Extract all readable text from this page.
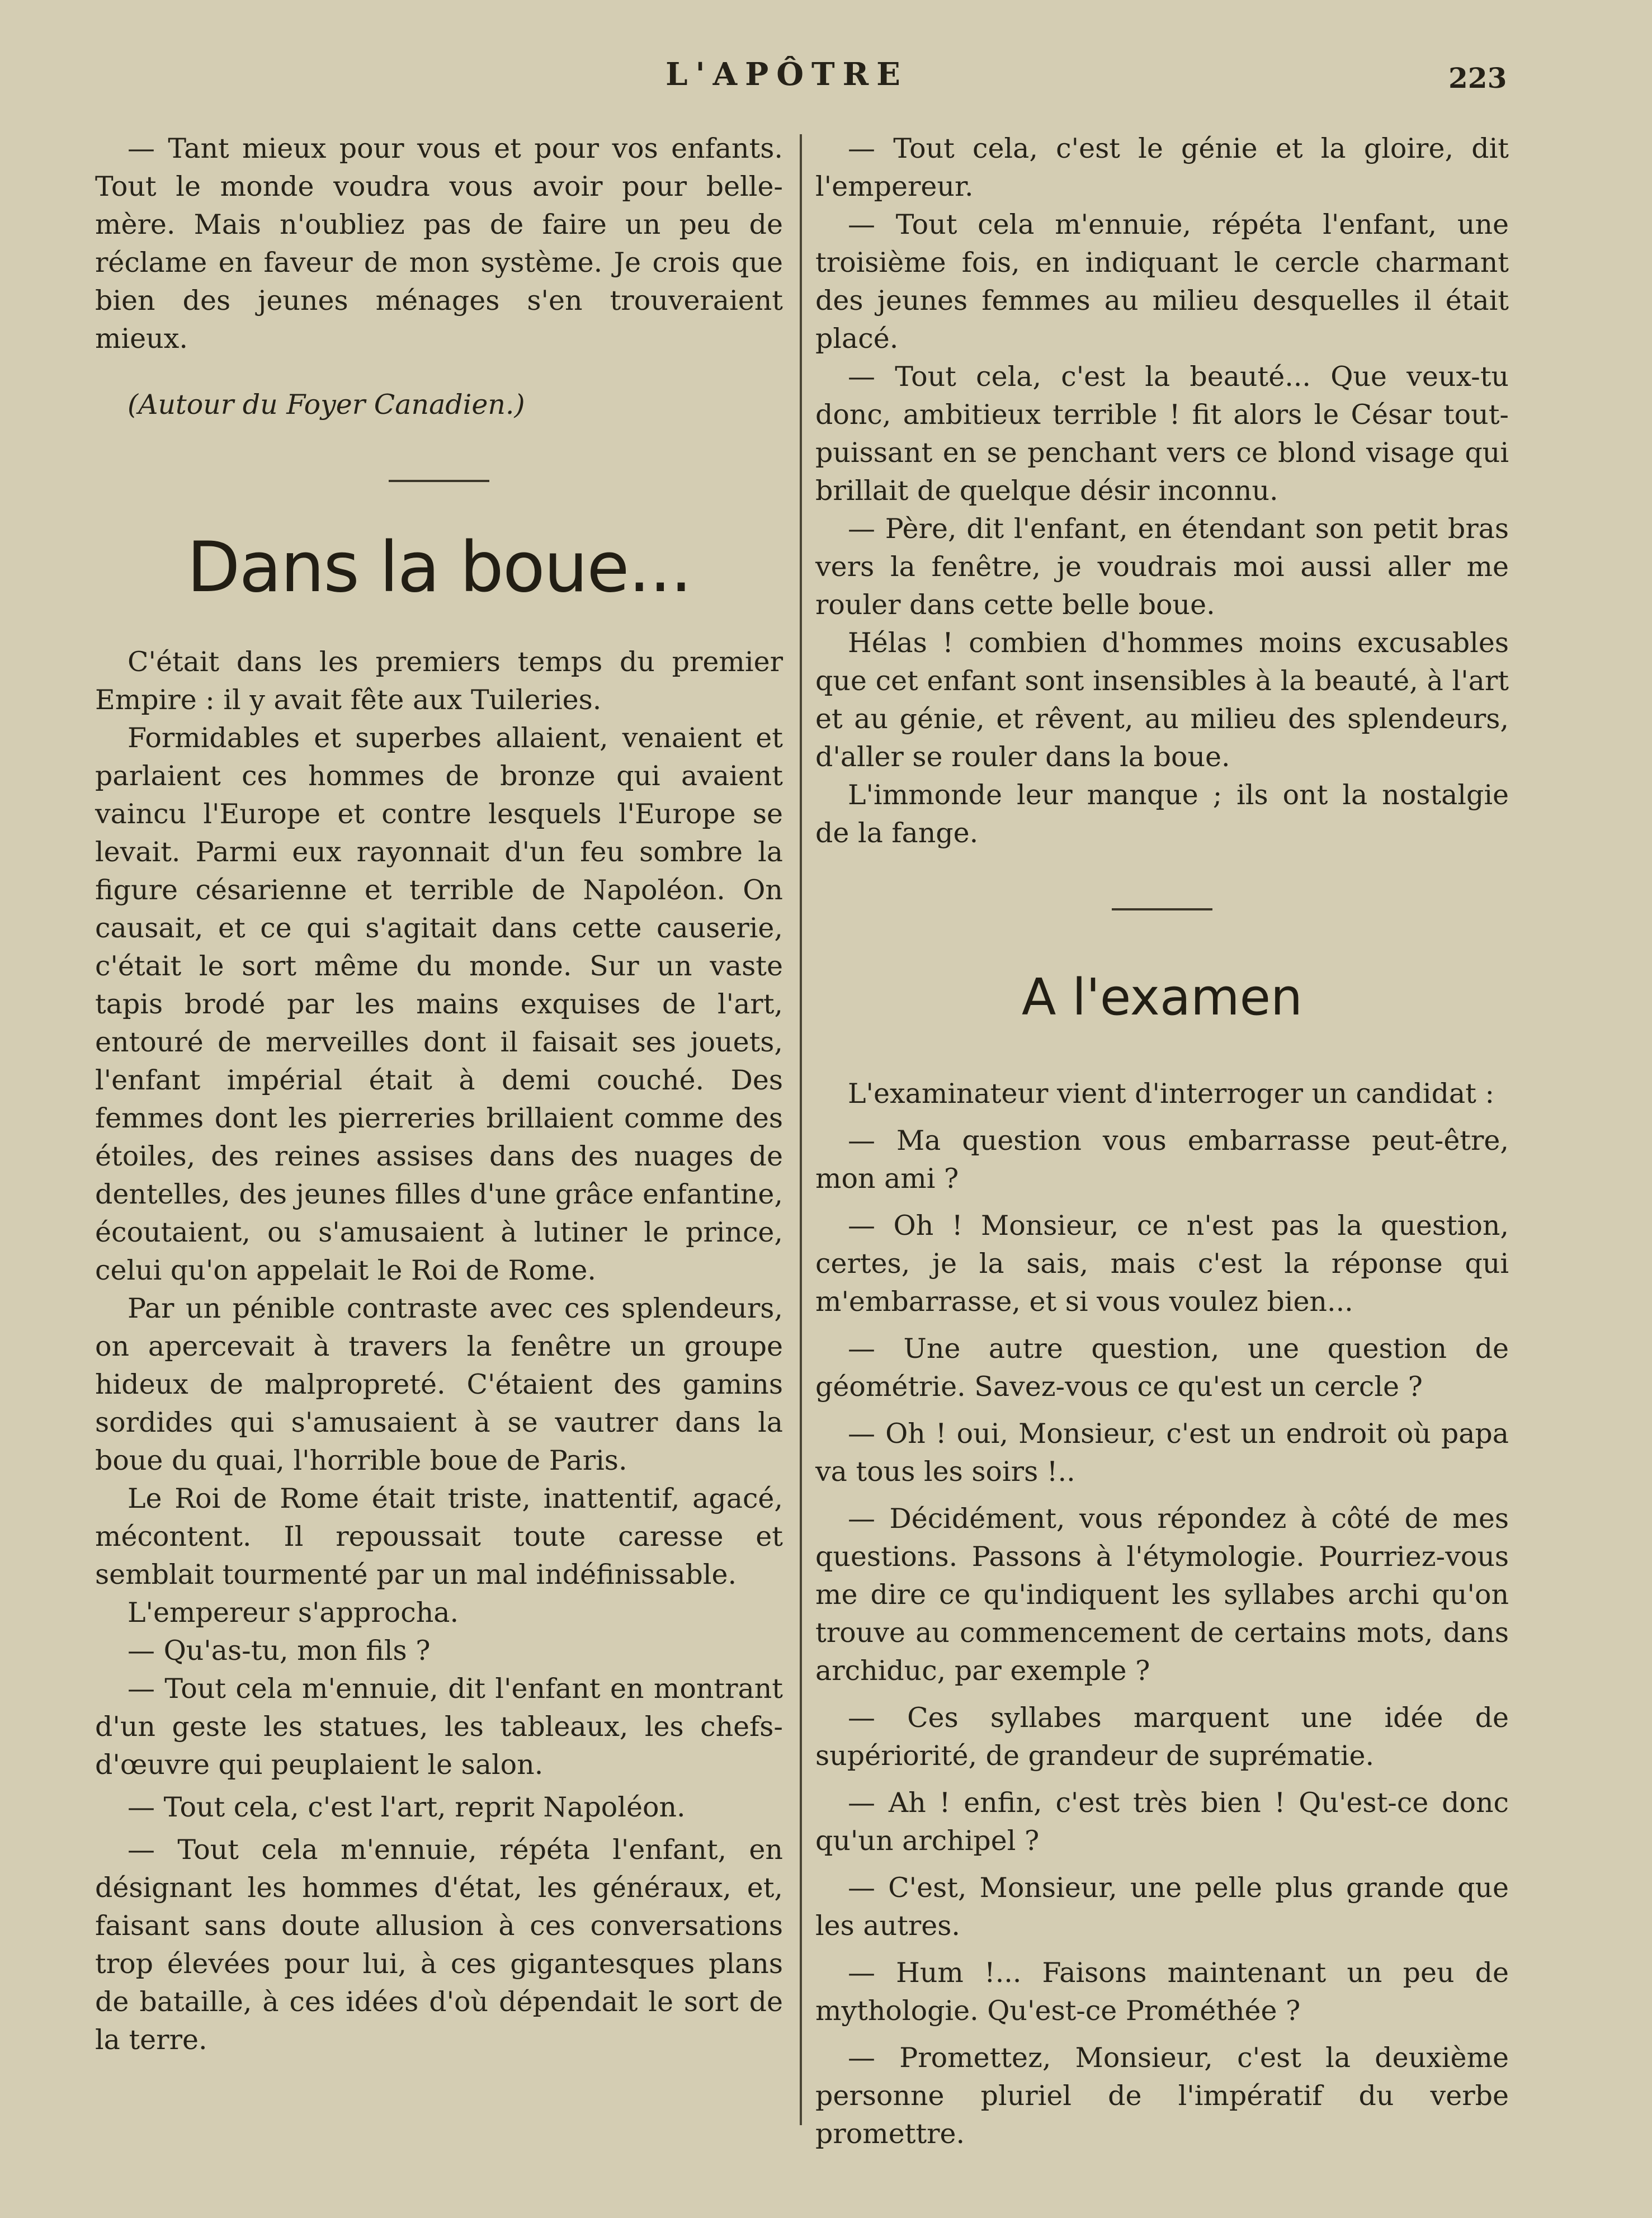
L'APÔTRE	223

— Tant mieux pour vous et pour vos enfants. Tout le monde voudra vous avoir pour belle-mère. Mais n'oubliez pas de faire un peu de réclame en faveur de mon système. Je crois que bien des jeunes ménages s'en trouveraient mieux.

(Autour du Foyer Canadien.)

Dans la boue...

C'était dans les premiers temps du premier Empire : il y avait fête aux Tuileries.

Formidables et superbes allaient, venaient et parlaient ces hommes de bronze qui avaient vaincu l'Europe et contre lesquels l'Europe se levait. Parmi eux rayonnait d'un feu sombre la figure césarienne et terrible de Napoléon. On causait, et ce qui s'agitait dans cette causerie, c'était le sort même du monde. Sur un vaste tapis brodé par les mains exquises de l'art, entouré de merveilles dont il faisait ses jouets, l'enfant impérial était à demi couché. Des femmes dont les pierreries brillaient comme des étoiles, des reines assises dans des nuages de dentelles, des jeunes filles d'une grâce enfantine, écoutaient, ou s'amusaient à lutiner le prince, celui qu'on appelait le Roi de Rome.

Par un pénible contraste avec ces splendeurs, on apercevait à travers la fenêtre un groupe hideux de malpropreté. C'étaient des gamins sordides qui s'amusaient à se vautrer dans la boue du quai, l'horrible boue de Paris.

Le Roi de Rome était triste, inattentif, agacé, mécontent. Il repoussait toute caresse et semblait tourmenté par un mal indéfinissable.

L'empereur s'approcha.

— Qu'as-tu, mon fils ?

— Tout cela m'ennuie, dit l'enfant en montrant d'un geste les statues, les tableaux, les chefs-d'œuvre qui peuplaient le salon.

— Tout cela, c'est l'art, reprit Napoléon.

— Tout cela m'ennuie, répéta l'enfant, en désignant les hommes d'état, les généraux, et, faisant sans doute allusion à ces conversations trop élevées pour lui, à ces gigantesques plans de bataille, à ces idées d'où dépendait le sort de la terre.

— Tout cela, c'est le génie et la gloire, dit l'empereur.

— Tout cela m'ennuie, répéta l'enfant, une troisième fois, en indiquant le cercle charmant des jeunes femmes au milieu desquelles il était placé.

— Tout cela, c'est la beauté... Que veux-tu donc, ambitieux terrible ! fit alors le César tout-puissant en se penchant vers ce blond visage qui brillait de quelque désir inconnu.

— Père, dit l'enfant, en étendant son petit bras vers la fenêtre, je voudrais moi aussi aller me rouler dans cette belle boue.

Hélas ! combien d'hommes moins excusables que cet enfant sont insensibles à la beauté, à l'art et au génie, et rêvent, au milieu des splendeurs, d'aller se rouler dans la boue.

L'immonde leur manque ; ils ont la nostalgie de la fange.

A l'examen

L'examinateur vient d'interroger un candidat :

— Ma question vous embarrasse peut-être, mon ami ?

— Oh ! Monsieur, ce n'est pas la question, certes, je la sais, mais c'est la réponse qui m'embarrasse, et si vous voulez bien...

— Une autre question, une question de géométrie. Savez-vous ce qu'est un cercle ?

— Oh ! oui, Monsieur, c'est un endroit où papa va tous les soirs !..

— Décidément, vous répondez à côté de mes questions. Passons à l'étymologie. Pourriez-vous me dire ce qu'indiquent les syllabes archi qu'on trouve au commencement de certains mots, dans archiduc, par exemple ?

— Ces syllabes marquent une idée de supériorité, de grandeur de suprématie.

— Ah ! enfin, c'est très bien ! Qu'est-ce donc qu'un archipel ?

— C'est, Monsieur, une pelle plus grande que les autres.

— Hum !... Faisons maintenant un peu de mythologie. Qu'est-ce Prométhée ?

— Promettez, Monsieur, c'est la deuxième personne pluriel de l'impératif du verbe promettre.
